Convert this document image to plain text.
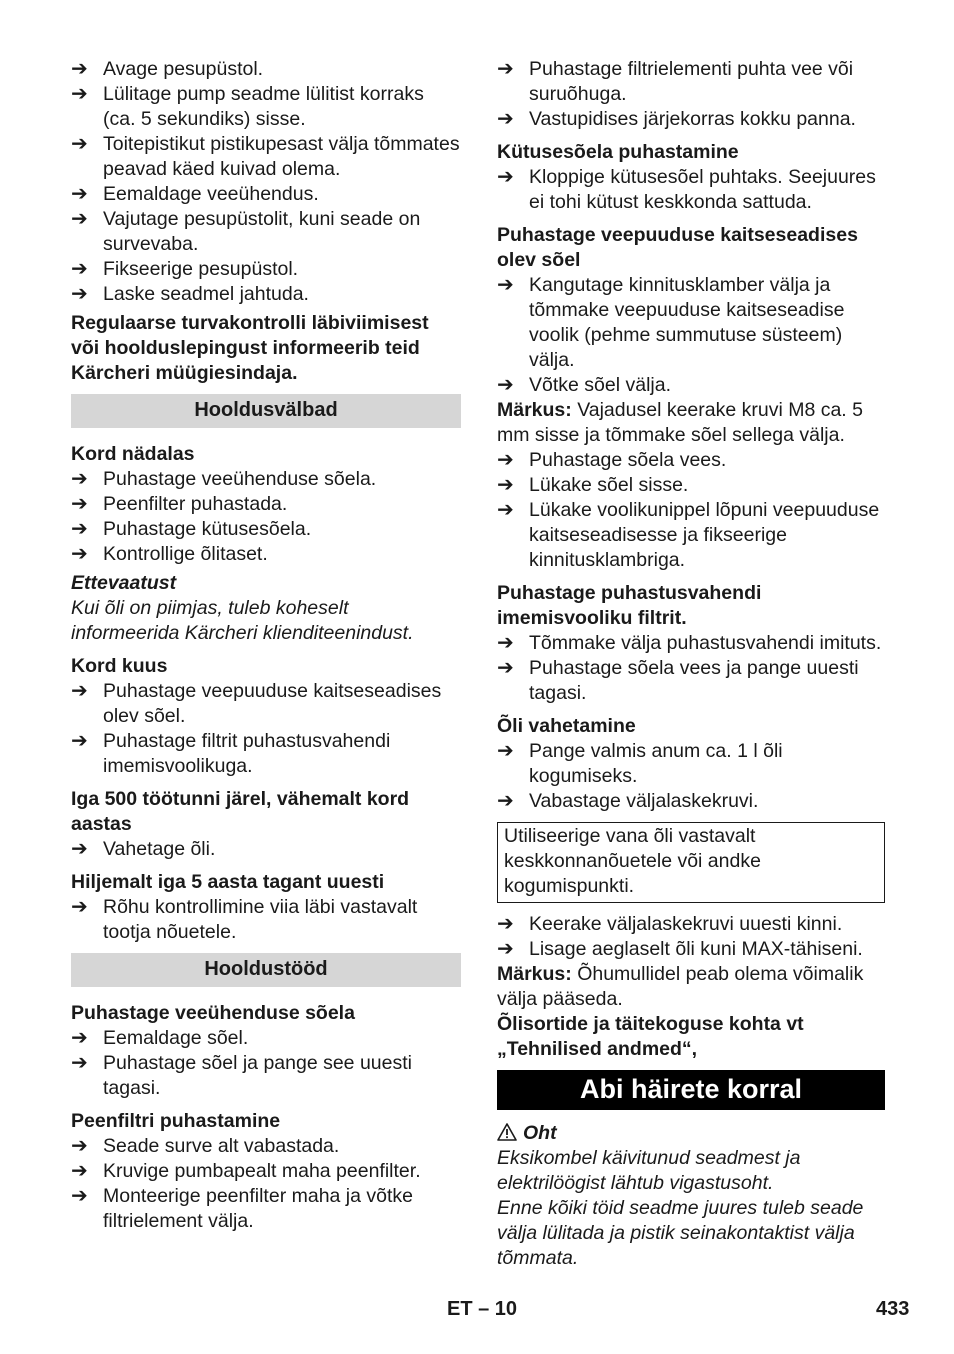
➔ Avage pesupüstol.
➔ Lülitage pump seadme lülitist korraks (ca. 5 sekundiks) sisse.
➔ Toitepistikut pistikupesast välja tõmmates peavad käed kuivad olema.
➔ Eemaldage veeühendus.
➔ Vajutage pesupüstolit, kuni seade on survevaba.
➔ Fikseerige pesupüstol.
➔ Laske seadmel jahtuda.
Regulaarse turvakontrolli läbiviimisest või hoolduslepingust informeerib teid Kärcheri müügiesindaja.
Hooldusvälbad
Kord nädalas
➔ Puhastage veeühenduse sõela.
➔ Peenfilter puhastada.
➔ Puhastage kütusesõela.
➔ Kontrollige õlitaset.
Ettevaatust
Kui õli on piimjas, tuleb koheselt informeerida Kärcheri klienditeenindust.
Kord kuus
➔ Puhastage veepuuduse kaitseseadises olev sõel.
➔ Puhastage filtrit puhastusvahendi imemisvoolikuga.
Iga 500 töötunni järel, vähemalt kord aastas
➔ Vahetage õli.
Hiljemalt iga 5 aasta tagant uuesti
➔ Rõhu kontrollimine viia läbi vastavalt tootja nõuetele.
Hooldustööd
Puhastage veeühenduse sõela
➔ Eemaldage sõel.
➔ Puhastage sõel ja pange see uuesti tagasi.
Peenfiltri puhastamine
➔ Seade surve alt vabastada.
➔ Kruvige pumbapealt maha peenfilter.
➔ Monteerige peenfilter maha ja võtke filtrielement välja.
➔ Puhastage filtrielementi puhta vee või suruõhuga.
➔ Vastupidises järjekorras kokku panna.
Kütusesõela puhastamine
➔ Kloppige kütusesõel puhtaks. Seejuures ei tohi kütust keskkonda sattuda.
Puhastage veepuuduse kaitseseadises olev sõel
➔ Kangutage kinnitusklamber välja ja tõmmake veepuuduse kaitseseadise voolik (pehme summutuse süsteem) välja.
➔ Võtke sõel välja.
Märkus: Vajadusel keerake kruvi M8 ca. 5 mm sisse ja tõmmake sõel sellega välja.
➔ Puhastage sõela vees.
➔ Lükake sõel sisse.
➔ Lükake voolikunippel lõpuni veepuuduse kaitseseadisesse ja fikseerige kinnitusklambriga.
Puhastage puhastusvahendi imemisvooliku filtrit.
➔ Tõmmake välja puhastusvahendi imituts.
➔ Puhastage sõela vees ja pange uuesti tagasi.
Õli vahetamine
➔ Pange valmis anum ca. 1 l õli kogumiseks.
➔ Vabastage väljalaskekruvi.
Utiliseerige vana õli vastavalt keskkonnanõuetele või andke kogumispunkti.
➔ Keerake väljalaskekruvi uuesti kinni.
➔ Lisage aeglaselt õli kuni MAX-tähiseni.
Märkus: Õhumullidel peab olema võimalik välja pääseda.
Õlisortide ja täitekoguse kohta vt „Tehnilised andmed“,
Abi häirete korral
Oht
Eksikombel käivitunud seadmest ja elektrilöögist lähtub vigastusoht.
Enne kõiki töid seadme juures tuleb seade välja lülitada ja pistik seinakontaktist välja tõmmata.
ET – 10	433
